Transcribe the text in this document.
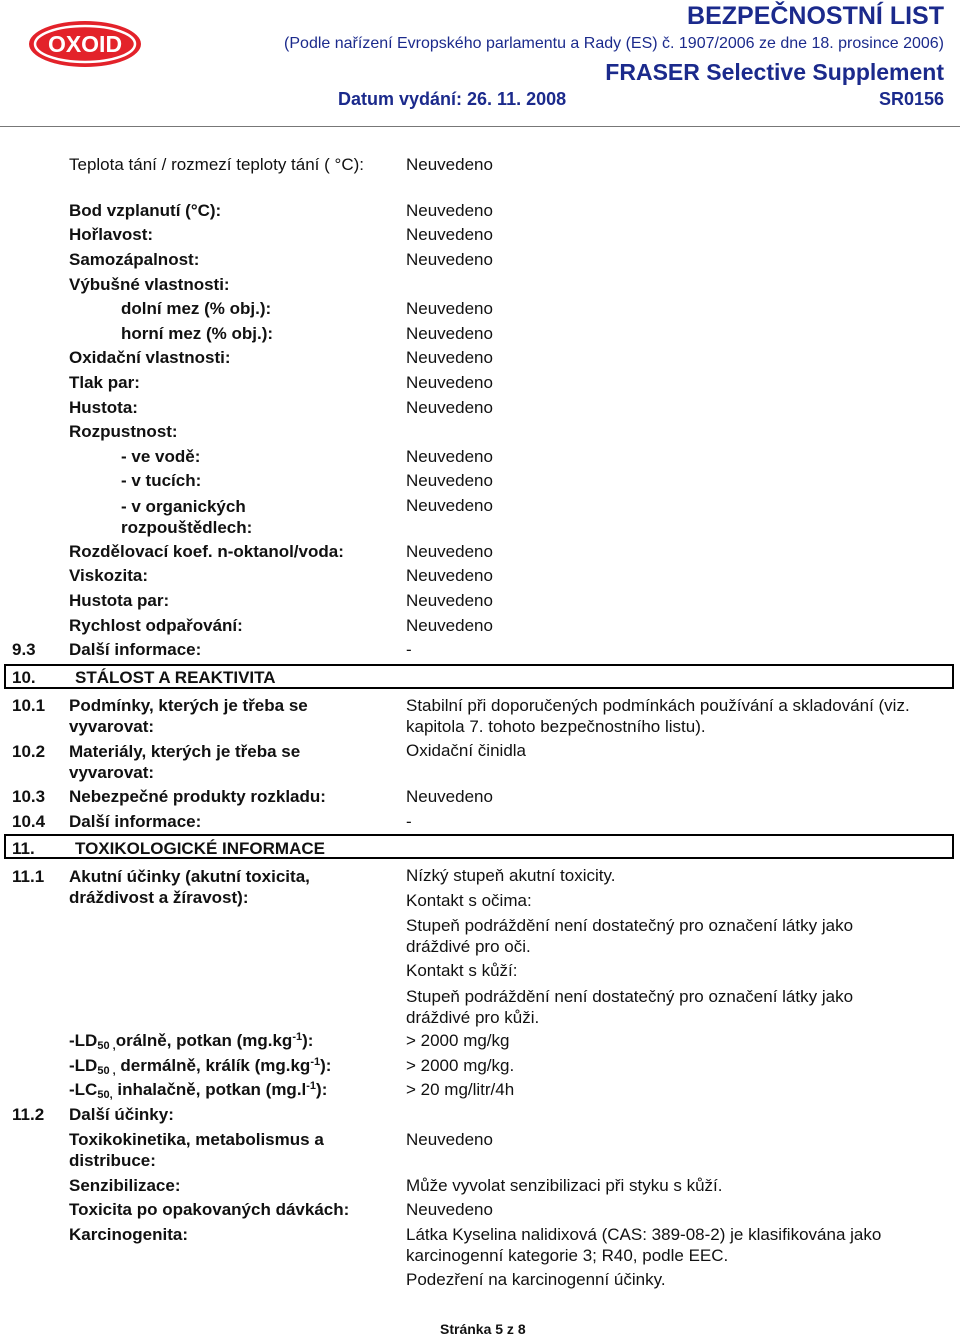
OXOID
BEZPEČNOSTNÍ LIST
(Podle nařízení Evropského parlamentu a Rady (ES) č. 1907/2006 ze dne 18. prosince 2006)
FRASER Selective Supplement
Datum vydání: 26. 11. 2008	SR0156
Teplota tání / rozmezí teploty tání ( °C): Neuvedeno
Bod vzplanutí (°C):	Neuvedeno
Hořlavost:	Neuvedeno
Samozápalnost:	Neuvedeno
Výbušné vlastnosti:
dolní mez (% obj.):	Neuvedeno
horní mez (% obj.):	Neuvedeno
Oxidační vlastnosti:	Neuvedeno
Tlak par:	Neuvedeno
Hustota:	Neuvedeno
Rozpustnost:
- ve vodě:	Neuvedeno
- v tucích:	Neuvedeno
- v organických rozpouštědlech:
Neuvedeno
Rozdělovací koef. n-oktanol/voda:	Neuvedeno
Viskozita:	Neuvedeno
Hustota par:	Neuvedeno
Rychlost odpařování:	Neuvedeno
9.3 Další informace:	-
10. STÁLOST A REAKTIVITA
10.1 Podmínky, kterých je třeba se vyvarovat:
Stabilní při doporučených podmínkách používání a skladování (viz. kapitola 7. tohoto bezpečnostního listu).
10.2 Materiály, kterých je třeba se vyvarovat:
Oxidační činidla
10.3 Nebezpečné produkty rozkladu:	Neuvedeno
10.4 Další informace:	-
11. TOXIKOLOGICKÉ INFORMACE
11.1 Akutní účinky (akutní toxicita, dráždivost a žíravost):
Nízký stupeň akutní toxicity.
Kontakt s očima:
Stupeň podráždění není dostatečný pro označení látky jako dráždivé pro oči.
Kontakt s kůží:
Stupeň podráždění není dostatečný pro označení látky jako dráždivé pro kůži.
$-LD_{50 ,}orá\ln ě$, potkan $(mg.kg^{-1})$:	> 2000 mg/kg
$-LD_{50 ,}$ dermálně, králík $(mg.kg^{-1})$:	> 2000 mg/kg.
$-LC_{50,}$ inhalačně, potkan $(mg.l^{-1})$:	> 20 mg/litr/4h
11.2 Další účinky:
Toxikokinetika, metabolismus a distribuce:
Neuvedeno
Senzibilizace:	Může vyvolat senzibilizaci při styku s kůží.
Toxicita po opakovaných dávkách:	Neuvedeno
Karcinogenita:	Látka Kyselina nalidixová (CAS: 389-08-2) je klasifikována jako karcinogenní kategorie 3; R40, podle EEC.
Podezření na karcinogenní účinky.
Stránka 5 z 8
